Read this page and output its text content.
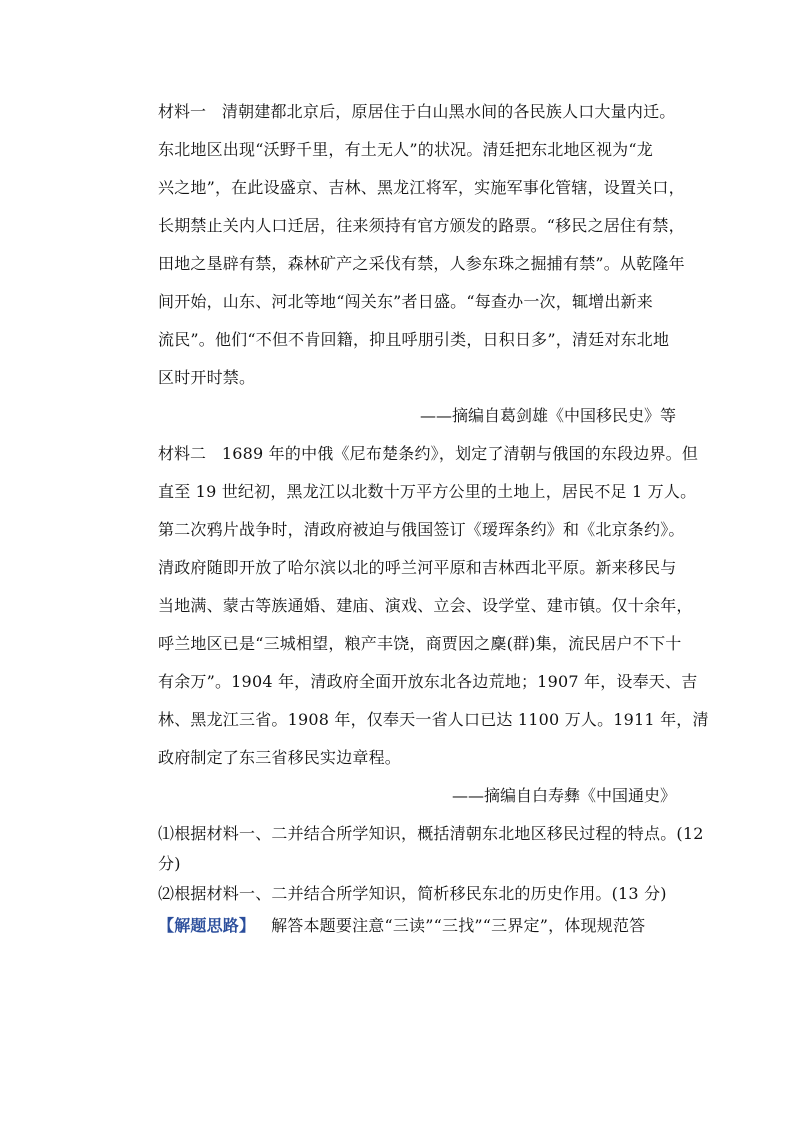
材料一 清朝建都北京后，原居住于白山黑水间的各民族人口大量内迁。
东北地区出现“沃野千里，有土无人”的状况。清廷把东北地区视为“龙
兴之地”，在此设盛京、吉林、黑龙江将军，实施军事化管辖，设置关口，
长期禁止关内人口迁居，往来须持有官方颁发的路票。“移民之居住有禁，
田地之垦辟有禁，森林矿产之采伐有禁，人参东珠之掘捕有禁”。从乾隆年
间开始，山东、河北等地“闯关东”者日盛。“每查办一次，辄增出新来
流民”。他们“不但不肯回籍，抑且呼朋引类，日积日多”，清廷对东北地
区时开时禁。
——摘编自葛剑雄《中国移民史》等
材料二 1689 年的中俄《尼布楚条约》，划定了清朝与俄国的东段边界。但
直至 19 世纪初，黑龙江以北数十万平方公里的土地上，居民不足 1 万人。
第二次鸦片战争时，清政府被迫与俄国签订《瑷珲条约》和《北京条约》。
清政府随即开放了哈尔滨以北的呼兰河平原和吉林西北平原。新来移民与
当地满、蒙古等族通婚、建庙、演戏、立会、设学堂、建市镇。仅十余年，
呼兰地区已是“三城相望，粮产丰饶，商贾因之麇(群)集，流民居户不下十
有余万”。1904 年，清政府全面开放东北各边荒地；1907 年，设奉天、吉
林、黑龙江三省。1908 年，仅奉天一省人口已达 1100 万人。1911 年，清
政府制定了东三省移民实边章程。
——摘编自白寿彝《中国通史》
⑴根据材料一、二并结合所学知识，概括清朝东北地区移民过程的特点。(12
分)
⑵根据材料一、二并结合所学知识，简析移民东北的历史作用。(13 分)
【解题思路】 解答本题要注意“三读”“三找”“三界定”，体现规范答
